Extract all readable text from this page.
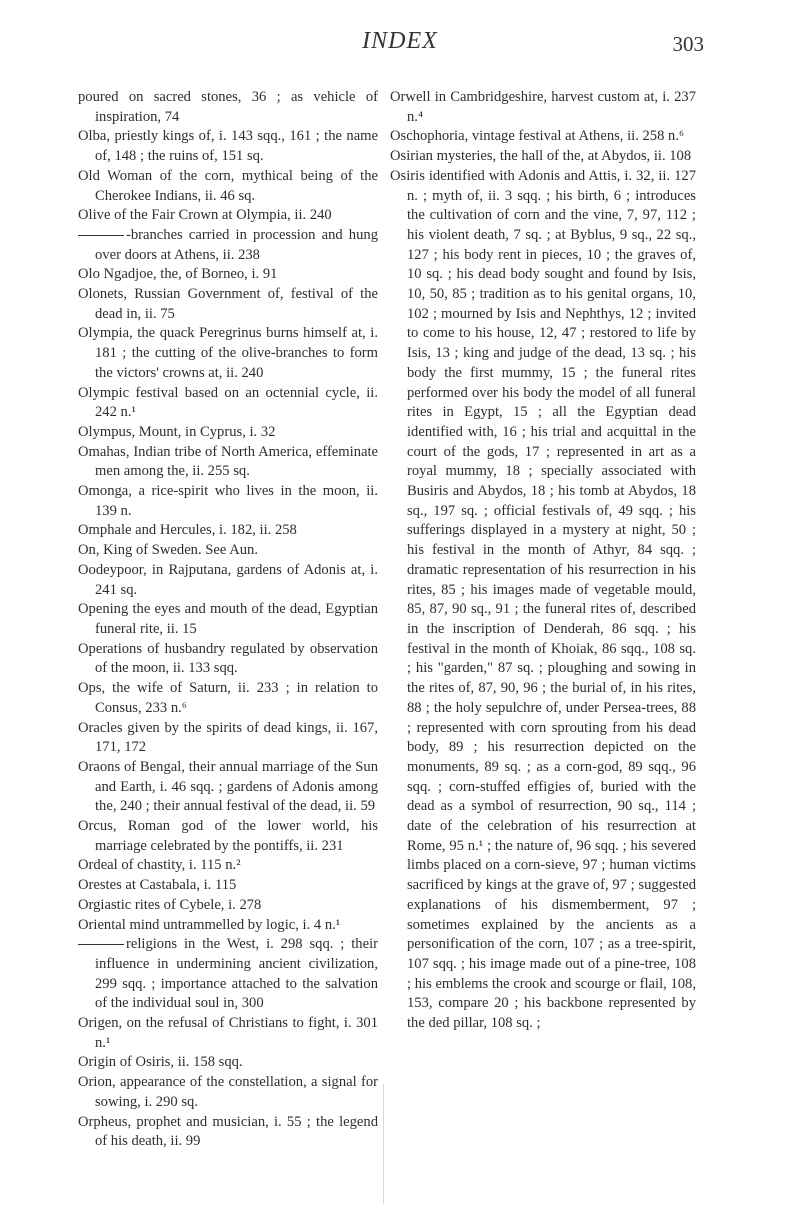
INDEX	303
poured on sacred stones, 36 ; as vehicle of inspiration, 74
Olba, priestly kings of, i. 143 sqq., 161 ; the name of, 148 ; the ruins of, 151 sq.
Old Woman of the corn, mythical being of the Cherokee Indians, ii. 46 sq.
Olive of the Fair Crown at Olympia, ii. 240
-branches carried in procession and hung over doors at Athens, ii. 238
Olo Ngadjoe, the, of Borneo, i. 91
Olonets, Russian Government of, festival of the dead in, ii. 75
Olympia, the quack Peregrinus burns himself at, i. 181 ; the cutting of the olive-branches to form the victors' crowns at, ii. 240
Olympic festival based on an octennial cycle, ii. 242 n.¹
Olympus, Mount, in Cyprus, i. 32
Omahas, Indian tribe of North America, effeminate men among the, ii. 255 sq.
Omonga, a rice-spirit who lives in the moon, ii. 139 n.
Omphale and Hercules, i. 182, ii. 258
On, King of Sweden. See Aun.
Oodeypoor, in Rajputana, gardens of Adonis at, i. 241 sq.
Opening the eyes and mouth of the dead, Egyptian funeral rite, ii. 15
Operations of husbandry regulated by observation of the moon, ii. 133 sqq.
Ops, the wife of Saturn, ii. 233 ; in relation to Consus, 233 n.⁶
Oracles given by the spirits of dead kings, ii. 167, 171, 172
Oraons of Bengal, their annual marriage of the Sun and Earth, i. 46 sqq. ; gardens of Adonis among the, 240 ; their annual festival of the dead, ii. 59
Orcus, Roman god of the lower world, his marriage celebrated by the pontiffs, ii. 231
Ordeal of chastity, i. 115 n.²
Orestes at Castabala, i. 115
Orgiastic rites of Cybele, i. 278
Oriental mind untrammelled by logic, i. 4 n.¹
religions in the West, i. 298 sqq. ; their influence in undermining ancient civilization, 299 sqq. ; importance attached to the salvation of the individual soul in, 300
Origen, on the refusal of Christians to fight, i. 301 n.¹
Origin of Osiris, ii. 158 sqq.
Orion, appearance of the constellation, a signal for sowing, i. 290 sq.
Orpheus, prophet and musician, i. 55 ; the legend of his death, ii. 99
Orwell in Cambridgeshire, harvest custom at, i. 237 n.⁴
Oschophoria, vintage festival at Athens, ii. 258 n.⁶
Osirian mysteries, the hall of the, at Abydos, ii. 108
Osiris identified with Adonis and Attis, i. 32, ii. 127 n. ; myth of, ii. 3 sqq. ; his birth, 6 ; introduces the cultivation of corn and the vine, 7, 97, 112 ; his violent death, 7 sq. ; at Byblus, 9 sq., 22 sq., 127 ; his body rent in pieces, 10 ; the graves of, 10 sq. ; his dead body sought and found by Isis, 10, 50, 85 ; tradition as to his genital organs, 10, 102 ; mourned by Isis and Nephthys, 12 ; invited to come to his house, 12, 47 ; restored to life by Isis, 13 ; king and judge of the dead, 13 sq. ; his body the first mummy, 15 ; the funeral rites performed over his body the model of all funeral rites in Egypt, 15 ; all the Egyptian dead identified with, 16 ; his trial and acquittal in the court of the gods, 17 ; represented in art as a royal mummy, 18 ; specially associated with Busiris and Abydos, 18 ; his tomb at Abydos, 18 sq., 197 sq. ; official festivals of, 49 sqq. ; his sufferings displayed in a mystery at night, 50 ; his festival in the month of Athyr, 84 sqq. ; dramatic representation of his resurrection in his rites, 85 ; his images made of vegetable mould, 85, 87, 90 sq., 91 ; the funeral rites of, described in the inscription of Denderah, 86 sqq. ; his festival in the month of Khoiak, 86 sqq., 108 sq. ; his "garden," 87 sq. ; ploughing and sowing in the rites of, 87, 90, 96 ; the burial of, in his rites, 88 ; the holy sepulchre of, under Persea-trees, 88 ; represented with corn sprouting from his dead body, 89 ; his resurrection depicted on the monuments, 89 sq. ; as a corn-god, 89 sqq., 96 sqq. ; corn-stuffed effigies of, buried with the dead as a symbol of resurrection, 90 sq., 114 ; date of the celebration of his resurrection at Rome, 95 n.¹ ; the nature of, 96 sqq. ; his severed limbs placed on a corn-sieve, 97 ; human victims sacrificed by kings at the grave of, 97 ; suggested explanations of his dismemberment, 97 ; sometimes explained by the ancients as a personification of the corn, 107 ; as a tree-spirit, 107 sqq. ; his image made out of a pine-tree, 108 ; his emblems the crook and scourge or flail, 108, 153, compare 20 ; his backbone represented by the ded pillar, 108 sq. ;
